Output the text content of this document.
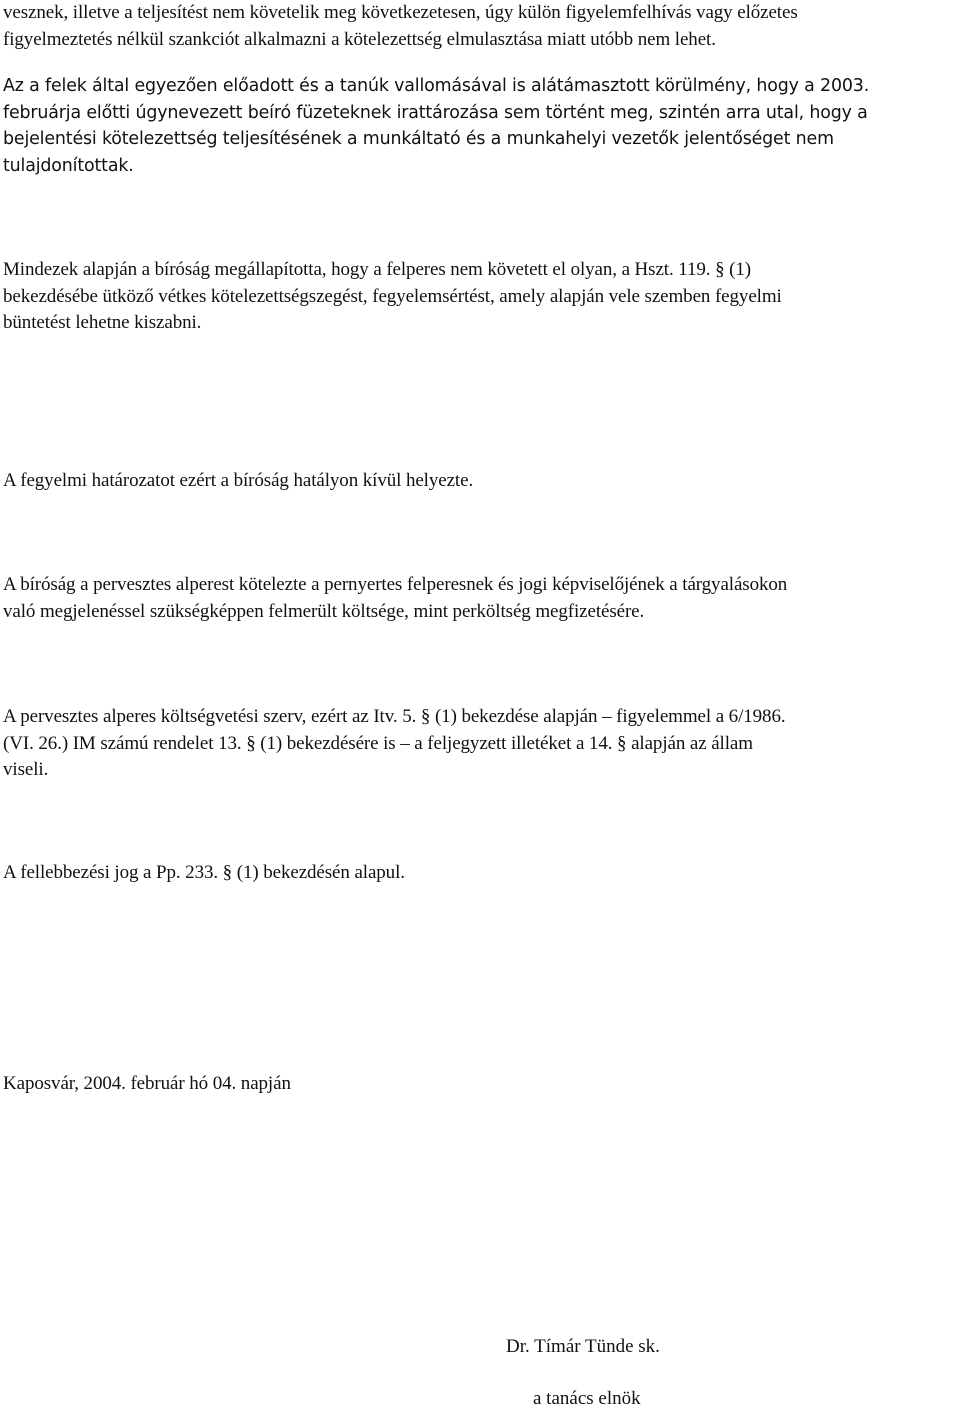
vesznek, illetve a teljesítést nem követelik meg következetesen, úgy külön figyelemfelhívás vagy előzetes
figyelmeztetés nélkül szankciót alkalmazni a kötelezettség elmulasztása miatt utóbb nem lehet.

Az a felek által egyezően előadott és a tanúk vallomásával is alátámasztott körülmény, hogy a 2003.
februárja előtti úgynevezett beíró füzeteknek irattározása sem történt meg, szintén arra utal, hogy a
bejelentési kötelezettség teljesítésének a munkáltató és a munkahelyi vezetők jelentőséget nem
tulajdonítottak.

Mindezek alapján a bíróság megállapította, hogy a felperes nem követett el olyan, a Hszt. 119. § (1)
bekezdésébe ütköző vétkes kötelezettségszegést, fegyelemsértést, amely alapján vele szemben fegyelmi
büntetést lehetne kiszabni.

A fegyelmi határozatot ezért a bíróság hatályon kívül helyezte.

A bíróság a pervesztes alperest kötelezte a pernyertes felperesnek és jogi képviselőjének a tárgyalásokon
való megjelenéssel szükségképpen felmerült költsége, mint perköltség megfizetésére.

A pervesztes alperes költségvetési szerv, ezért az Itv. 5. § (1) bekezdése alapján – figyelemmel a 6/1986.
(VI. 26.) IM számú rendelet 13. § (1) bekezdésére is – a feljegyzett illetéket a 14. § alapján az állam
viseli.

A fellebbezési jog a Pp. 233. § (1) bekezdésén alapul.

Kaposvár, 2004. február hó 04. napján

Dr. Tímár Tünde sk.

a tanács elnök
